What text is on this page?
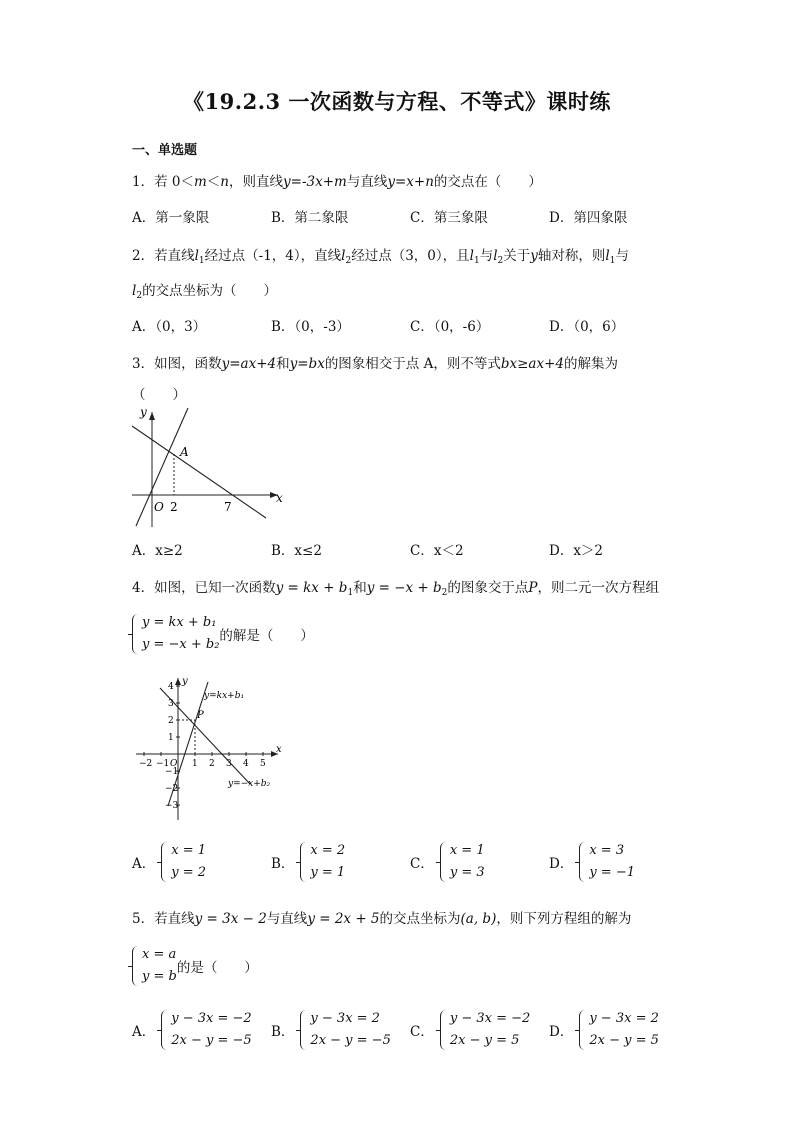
《19.2.3 一次函数与方程、不等式》课时练
一、单选题
1．若 0＜m＜n，则直线y=-3x+m与直线y=x+n的交点在（　　）
A．第一象限	B．第二象限	C．第三象限	D．第四象限
2．若直线$l_1$经过点（-1，4），直线$l_2$经过点（3，0），且$l_1$与$l_2$关于y轴对称，则$l_1$与
$l_2$的交点坐标为（　　）
A．（0，3）	B．（0，-3）	C．（0，-6）	D．（0，6）
3．如图，函数y=ax+4和y=bx的图象相交于点 A，则不等式bx≥ax+4的解集为
（　　）
y
x
A
O 2	7
A．x≥2	B．x≤2	C．x＜2	D．x＞2
4．如图，已知一次函数y = kx + $b_1$和$y = -x + b_2$的图象交于点P，则二元一次方程组
y = kx + b₁
y = −x + b₂
的解是（　　）
y
x
P
y=kx+b₁
y=−x+b₂
−2 −1 O 1 2 3 4 5
4
3
2
1
−1
−2
−3
A．
x = 1
y = 2
B．
x = 2
y = 1
C．
x = 1
y = 3
D．
x = 3
y = −1
5．若直线y = 3x − 2与直线y = 2x + 5的交点坐标为(a, b)，则下列方程组的解为
x = a
y = b
的是（　　）
A．
y − 3x = −2
2x − y = −5
B．
y − 3x = 2
2x − y = −5
C．
y − 3x = −2
2x − y = 5
D．
y − 3x = 2
2x − y = 5
